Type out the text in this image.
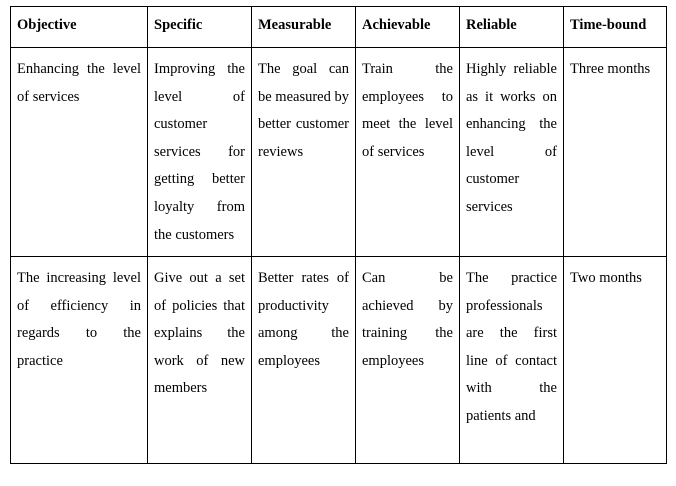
Objective	Specific	Measurable	Achievable	Reliable	Time-bound
Enhancing the level of services	Improving the level of customer services for getting better loyalty from the customers	The goal can be measured by better customer reviews	Train the employees to meet the level of services	Highly reliable as it works on enhancing the level of customer services	Three months
The increasing level of efficiency in regards to the practice	Give out a set of policies that explains the work of new members	Better rates of productivity among the employees	Can be achieved by training the employees	The practice professionals are the first line of contact with the patients and	Two months
